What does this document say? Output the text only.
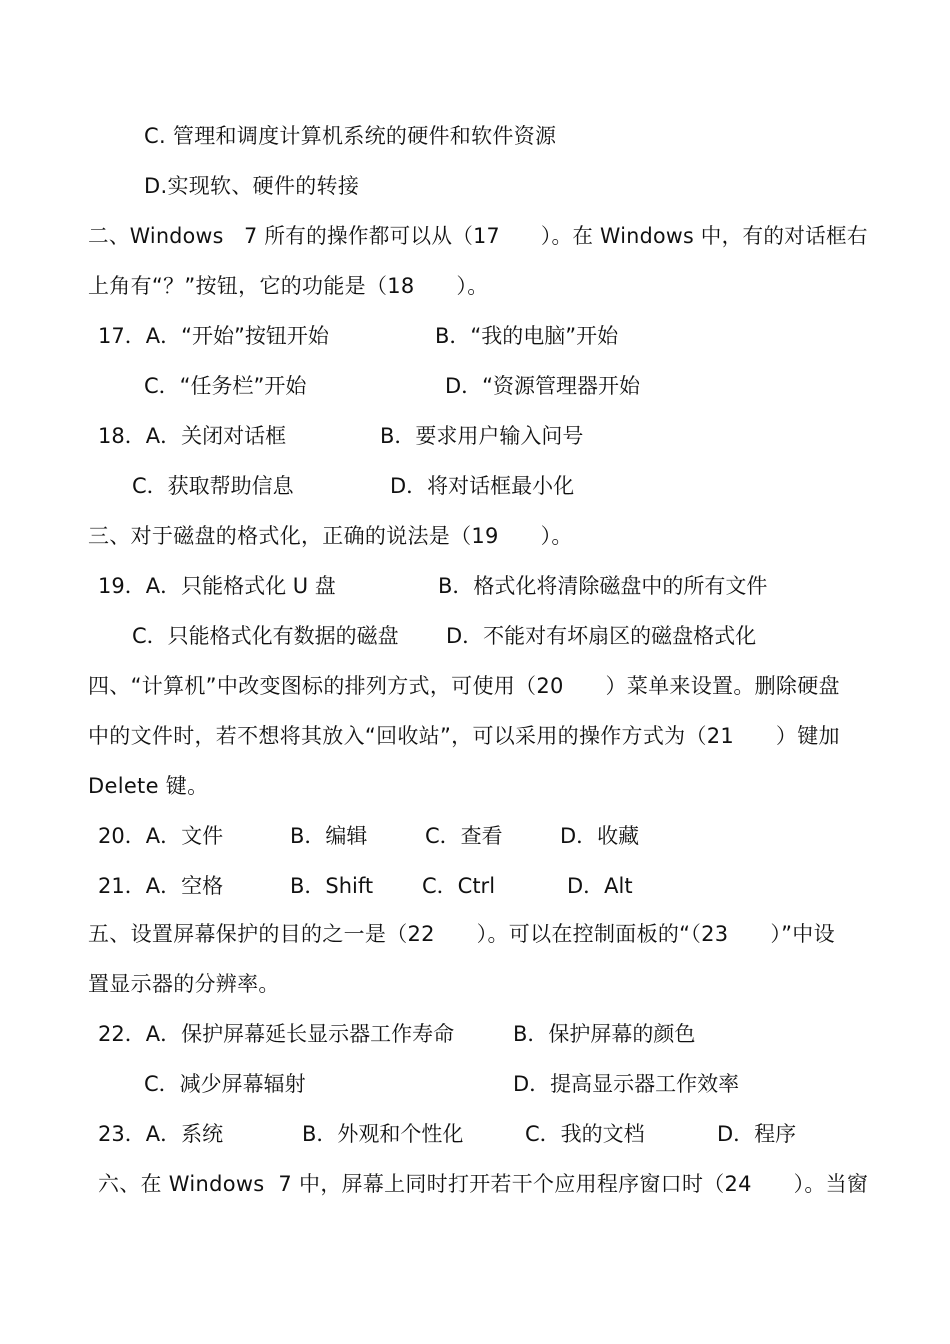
C. 管理和调度计算机系统的硬件和软件资源
D.实现软、硬件的转接
二、Windows   7 所有的操作都可以从（17      ）。在 Windows 中，有的对话框右
上角有“？”按钮，它的功能是（18      ）。
17．A．“开始”按钮开始	B．“我的电脑”开始
C．“任务栏”开始	D．“资源管理器开始
18．A．关闭对话框	B．要求用户输入问号
C．获取帮助信息	D．将对话框最小化
三、对于磁盘的格式化，正确的说法是（19      ）。
19．A．只能格式化 U 盘	B．格式化将清除磁盘中的所有文件
C．只能格式化有数据的磁盘 D．不能对有坏扇区的磁盘格式化
四、“计算机”中改变图标的排列方式，可使用（20      ）菜单来设置。删除硬盘
中的文件时，若不想将其放入“回收站”，可以采用的操作方式为（21      ）键加
Delete 键。
20．A．文件	B．编辑	C．查看	D．收藏
21．A．空格	B．Shift C．Ctrl	D．Alt
五、设置屏幕保护的目的之一是（22      ）。可以在控制面板的“（23      ）”中设
置显示器的分辨率。
22．A．保护屏幕延长显示器工作寿命	B．保护屏幕的颜色
C．减少屏幕辐射	D．提高显示器工作效率
23．A．系统	B．外观和个性化	C．我的文档	D．程序
六、在 Windows  7 中，屏幕上同时打开若干个应用程序窗口时（24      ）。当窗
